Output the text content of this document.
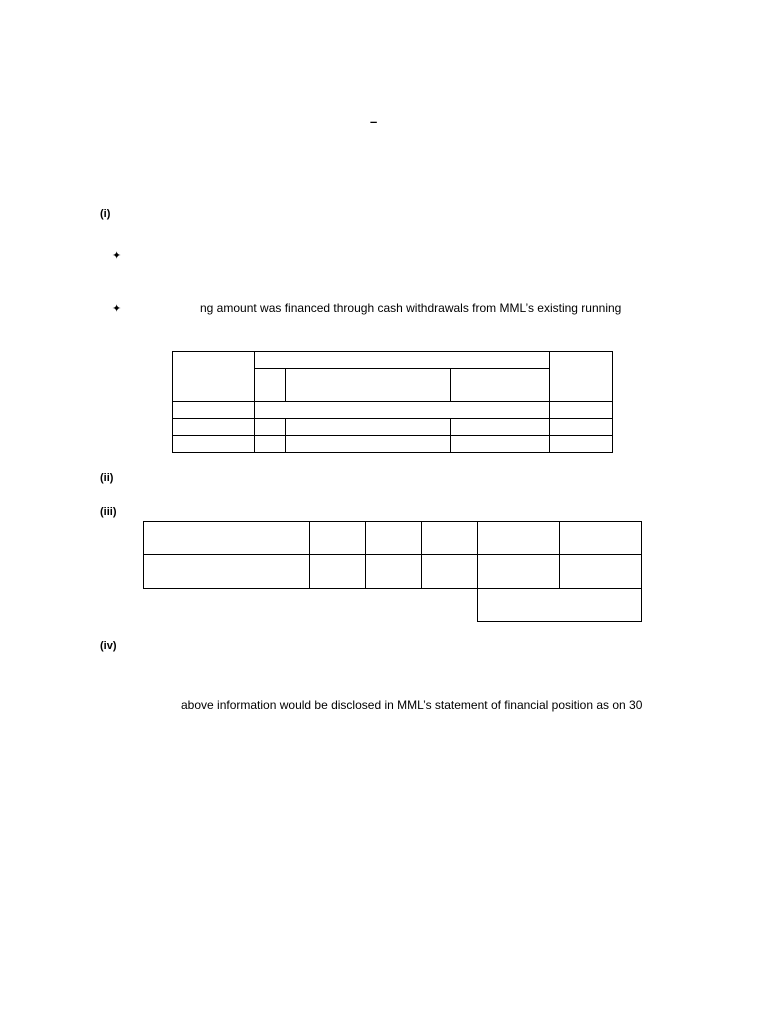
–
(i)
✦
✦	ng amount was financed through cash withdrawals from MML’s existing running

(ii)
(iii)

(iv)
above information would be disclosed in MML’s statement of financial position as on 30
